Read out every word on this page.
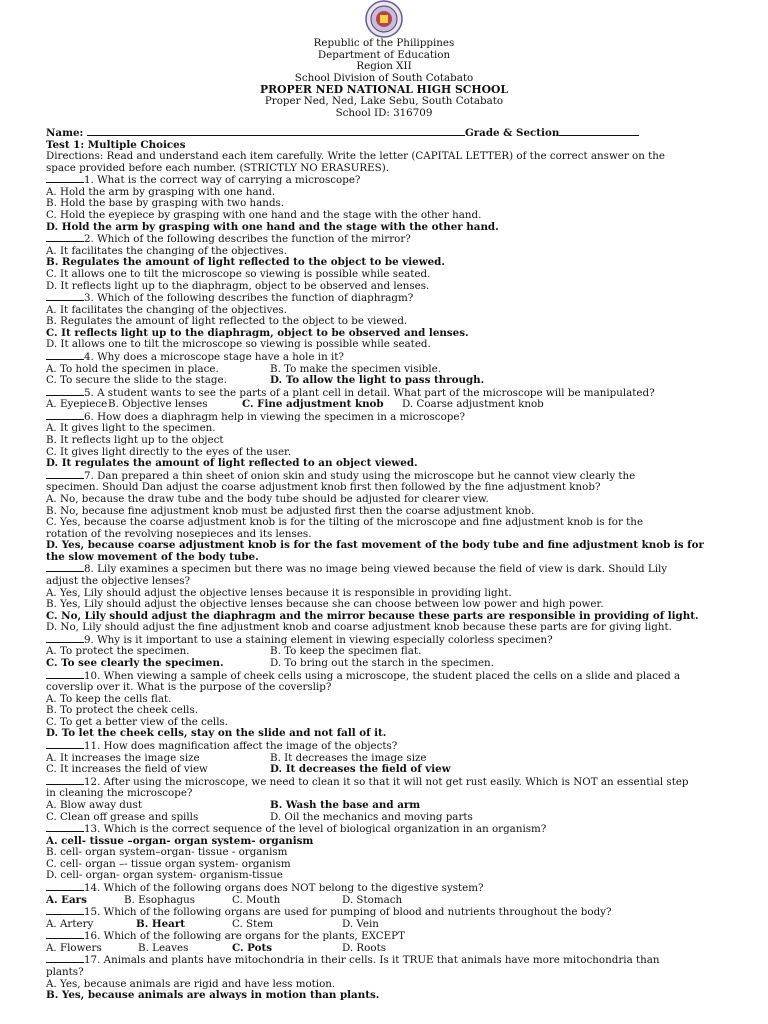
Republic of the Philippines
Department of Education
Region XII
School Division of South Cotabato
PROPER NED NATIONAL HIGH SCHOOL
Proper Ned, Ned, Lake Sebu, South Cotabato
School ID: 316709
Name:	Grade & Section
Test 1: Multiple Choices
Directions: Read and understand each item carefully. Write the letter (CAPITAL LETTER) of the correct answer on the
space provided before each number. (STRICTLY NO ERASURES).
1. What is the correct way of carrying a microscope?
A. Hold the arm by grasping with one hand.
B. Hold the base by grasping with two hands.
C. Hold the eyepiece by grasping with one hand and the stage with the other hand.
D. Hold the arm by grasping with one hand and the stage with the other hand.
2. Which of the following describes the function of the mirror?
A. It facilitates the changing of the objectives.
B. Regulates the amount of light reflected to the object to be viewed.
C. It allows one to tilt the microscope so viewing is possible while seated.
D. It reflects light up to the diaphragm, object to be observed and lenses.
3. Which of the following describes the function of diaphragm?
A. It facilitates the changing of the objectives.
B. Regulates the amount of light reflected to the object to be viewed.
C. It reflects light up to the diaphragm, object to be observed and lenses.
D. It allows one to tilt the microscope so viewing is possible while seated.
4. Why does a microscope stage have a hole in it?
A. To hold the specimen in place.	B. To make the specimen visible.
C. To secure the slide to the stage.	D. To allow the light to pass through.
5. A student wants to see the parts of a plant cell in detail. What part of the microscope will be manipulated?
A. Eyepiece B. Objective lenses	C. Fine adjustment knob D. Coarse adjustment knob
6. How does a diaphragm help in viewing the specimen in a microscope?
A. It gives light to the specimen.
B. It reflects light up to the object
C. It gives light directly to the eyes of the user.
D. It regulates the amount of light reflected to an object viewed.
7. Dan prepared a thin sheet of onion skin and study using the microscope but he cannot view clearly the
specimen. Should Dan adjust the coarse adjustment knob first then followed by the fine adjustment knob?
A. No, because the draw tube and the body tube should be adjusted for clearer view.
B. No, because fine adjustment knob must be adjusted first then the coarse adjustment knob.
C. Yes, because the coarse adjustment knob is for the tilting of the microscope and fine adjustment knob is for the
rotation of the revolving nosepieces and its lenses.
D. Yes, because coarse adjustment knob is for the fast movement of the body tube and fine adjustment knob is for
the slow movement of the body tube.
8. Lily examines a specimen but there was no image being viewed because the field of view is dark. Should Lily
adjust the objective lenses?
A. Yes, Lily should adjust the objective lenses because it is responsible in providing light.
B. Yes, Lily should adjust the objective lenses because she can choose between low power and high power.
C. No, Lily should adjust the diaphragm and the mirror because these parts are responsible in providing of light.
D. No, Lily should adjust the fine adjustment knob and coarse adjustment knob because these parts are for giving light.
9. Why is it important to use a staining element in viewing especially colorless specimen?
A. To protect the specimen.	B. To keep the specimen flat.
C. To see clearly the specimen.	D. To bring out the starch in the specimen.
10. When viewing a sample of cheek cells using a microscope, the student placed the cells on a slide and placed a
coverslip over it. What is the purpose of the coverslip?
A. To keep the cells flat.
B. To protect the cheek cells.
C. To get a better view of the cells.
D. To let the cheek cells, stay on the slide and not fall of it.
11. How does magnification affect the image of the objects?
A. It increases the image size	B. It decreases the image size
C. It increases the field of view	D. It decreases the field of view
12. After using the microscope, we need to clean it so that it will not get rust easily. Which is NOT an essential step
in cleaning the microscope?
A. Blow away dust	B. Wash the base and arm
C. Clean off grease and spills	D. Oil the mechanics and moving parts
13. Which is the correct sequence of the level of biological organization in an organism?
A. cell- tissue –organ- organ system- organism
B. cell- organ system–organ- tissue - organism
C. cell- organ –- tissue organ system- organism
D. cell- organ- organ system- organism-tissue
14. Which of the following organs does NOT belong to the digestive system?
A. Ears	B. Esophagus	C. Mouth	D. Stomach
15. Which of the following organs are used for pumping of blood and nutrients throughout the body?
A. Artery	B. Heart	C. Stem	D. Vein
16. Which of the following are organs for the plants, EXCEPT
A. Flowers	B. Leaves	C. Pots	D. Roots
17. Animals and plants have mitochondria in their cells. Is it TRUE that animals have more mitochondria than
plants?
A. Yes, because animals are rigid and have less motion.
B. Yes, because animals are always in motion than plants.
